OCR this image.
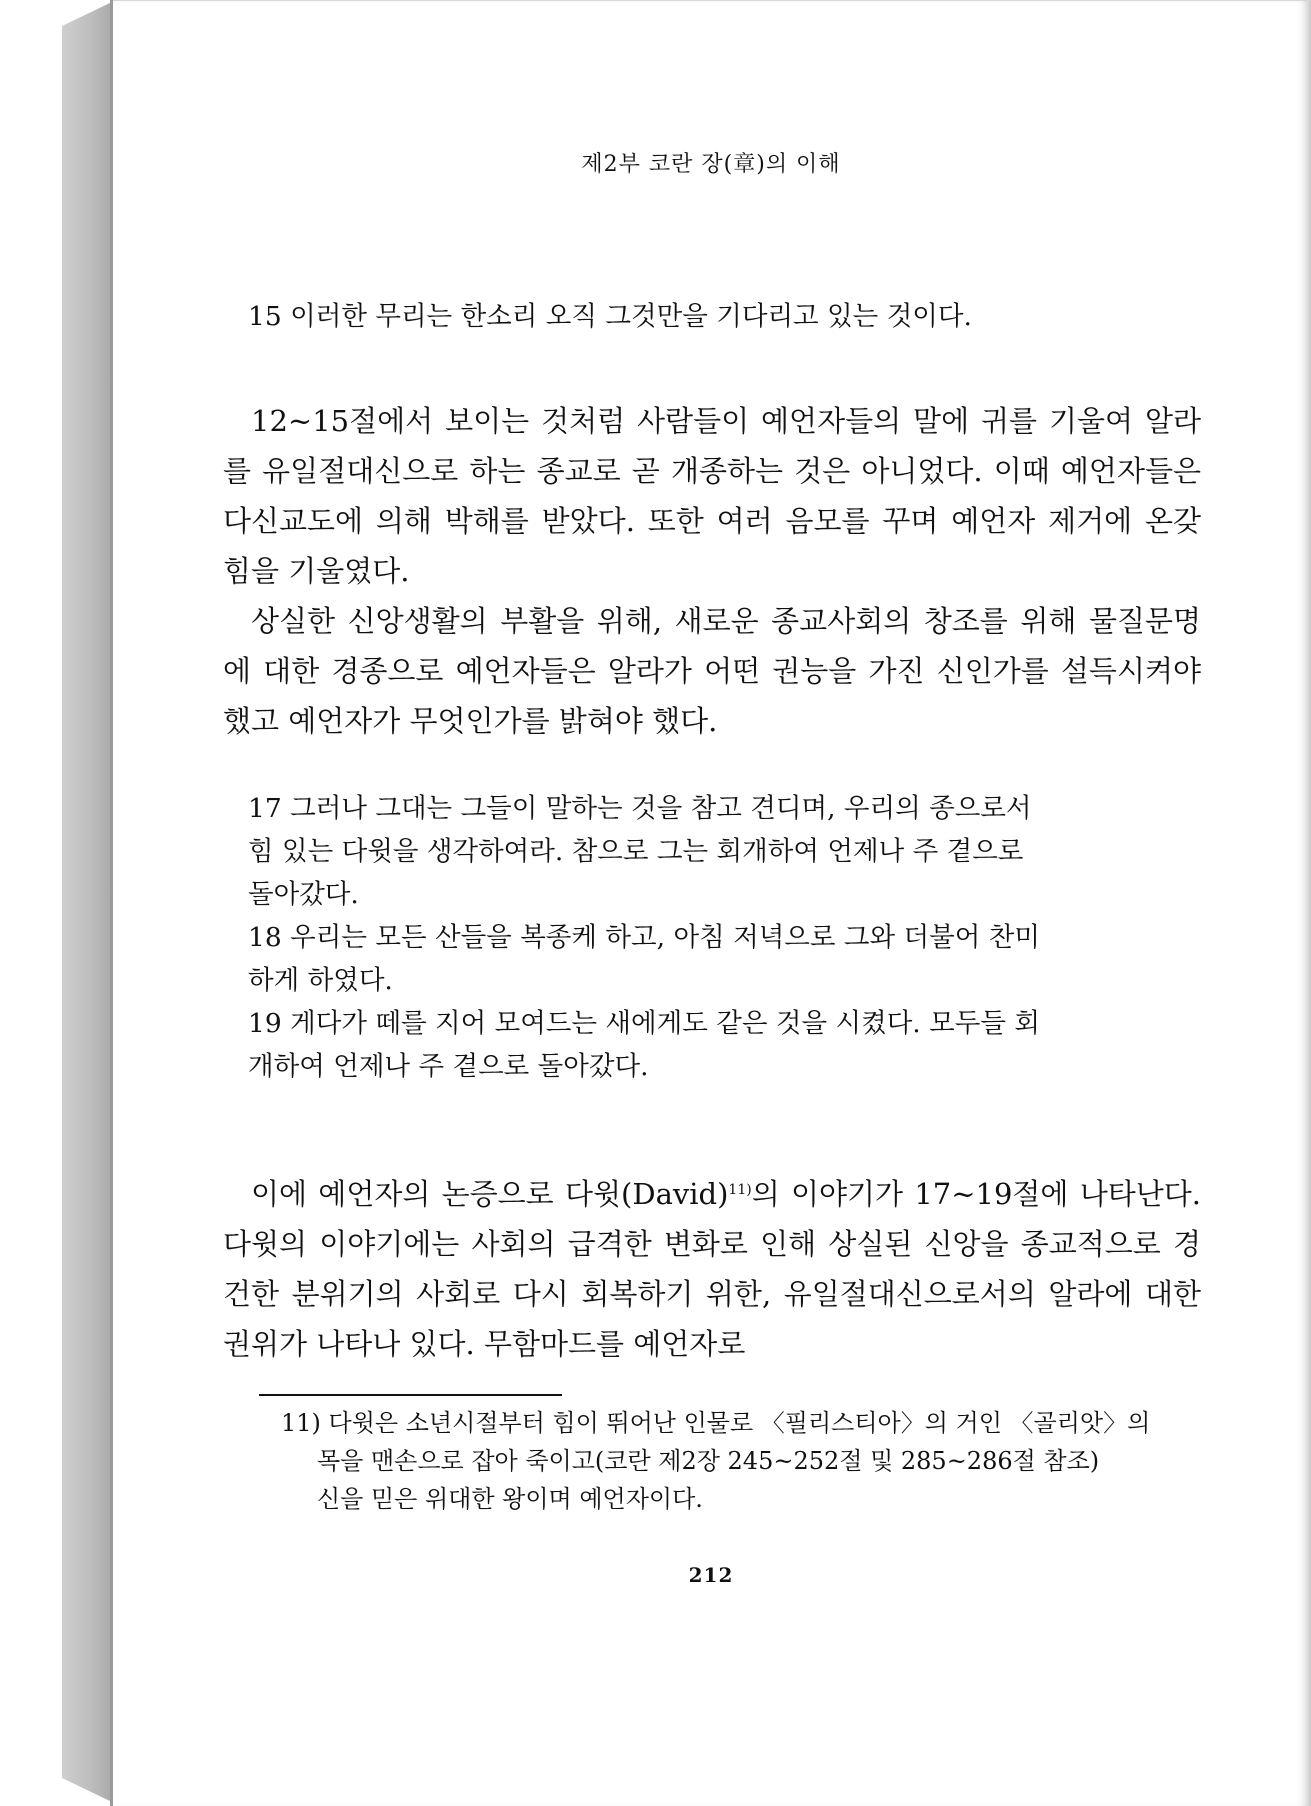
제2부 코란 장(章)의 이해

15 이러한 무리는 한소리 오직 그것만을 기다리고 있는 것이다.

12~15절에서 보이는 것처럼 사람들이 예언자들의 말에 귀를 기울여 알라를 유일절대신으로 하는 종교로 곧 개종하는 것은 아니었다. 이때 예언자들은 다신교도에 의해 박해를 받았다. 또한 여러 음모를 꾸며 예언자 제거에 온갖 힘을 기울였다.

상실한 신앙생활의 부활을 위해, 새로운 종교사회의 창조를 위해 물질문명에 대한 경종으로 예언자들은 알라가 어떤 권능을 가진 신인가를 설득시켜야 했고 예언자가 무엇인가를 밝혀야 했다.

17 그러나 그대는 그들이 말하는 것을 참고 견디며, 우리의 종으로서
힘 있는 다윗을 생각하여라. 참으로 그는 회개하여 언제나 주 곁으로
돌아갔다.
18 우리는 모든 산들을 복종케 하고, 아침 저녁으로 그와 더불어 찬미
하게 하였다.
19 게다가 떼를 지어 모여드는 새에게도 같은 것을 시켰다. 모두들 회
개하여 언제나 주 곁으로 돌아갔다.

이에 예언자의 논증으로 다윗(David)$^{11)}$의 이야기가 17~19절에 나타난다. 다윗의 이야기에는 사회의 급격한 변화로 인해 상실된 신앙을 종교적으로 경건한 분위기의 사회로 다시 회복하기 위한, 유일절대신으로서의 알라에 대한 권위가 나타나 있다. 무함마드를 예언자로

11) 다윗은 소년시절부터 힘이 뛰어난 인물로 〈필리스티아〉의 거인 〈골리앗〉의

목을 맨손으로 잡아 죽이고(코란 제2장 245~252절 및 285~286절 참조)

신을 믿은 위대한 왕이며 예언자이다.

212
